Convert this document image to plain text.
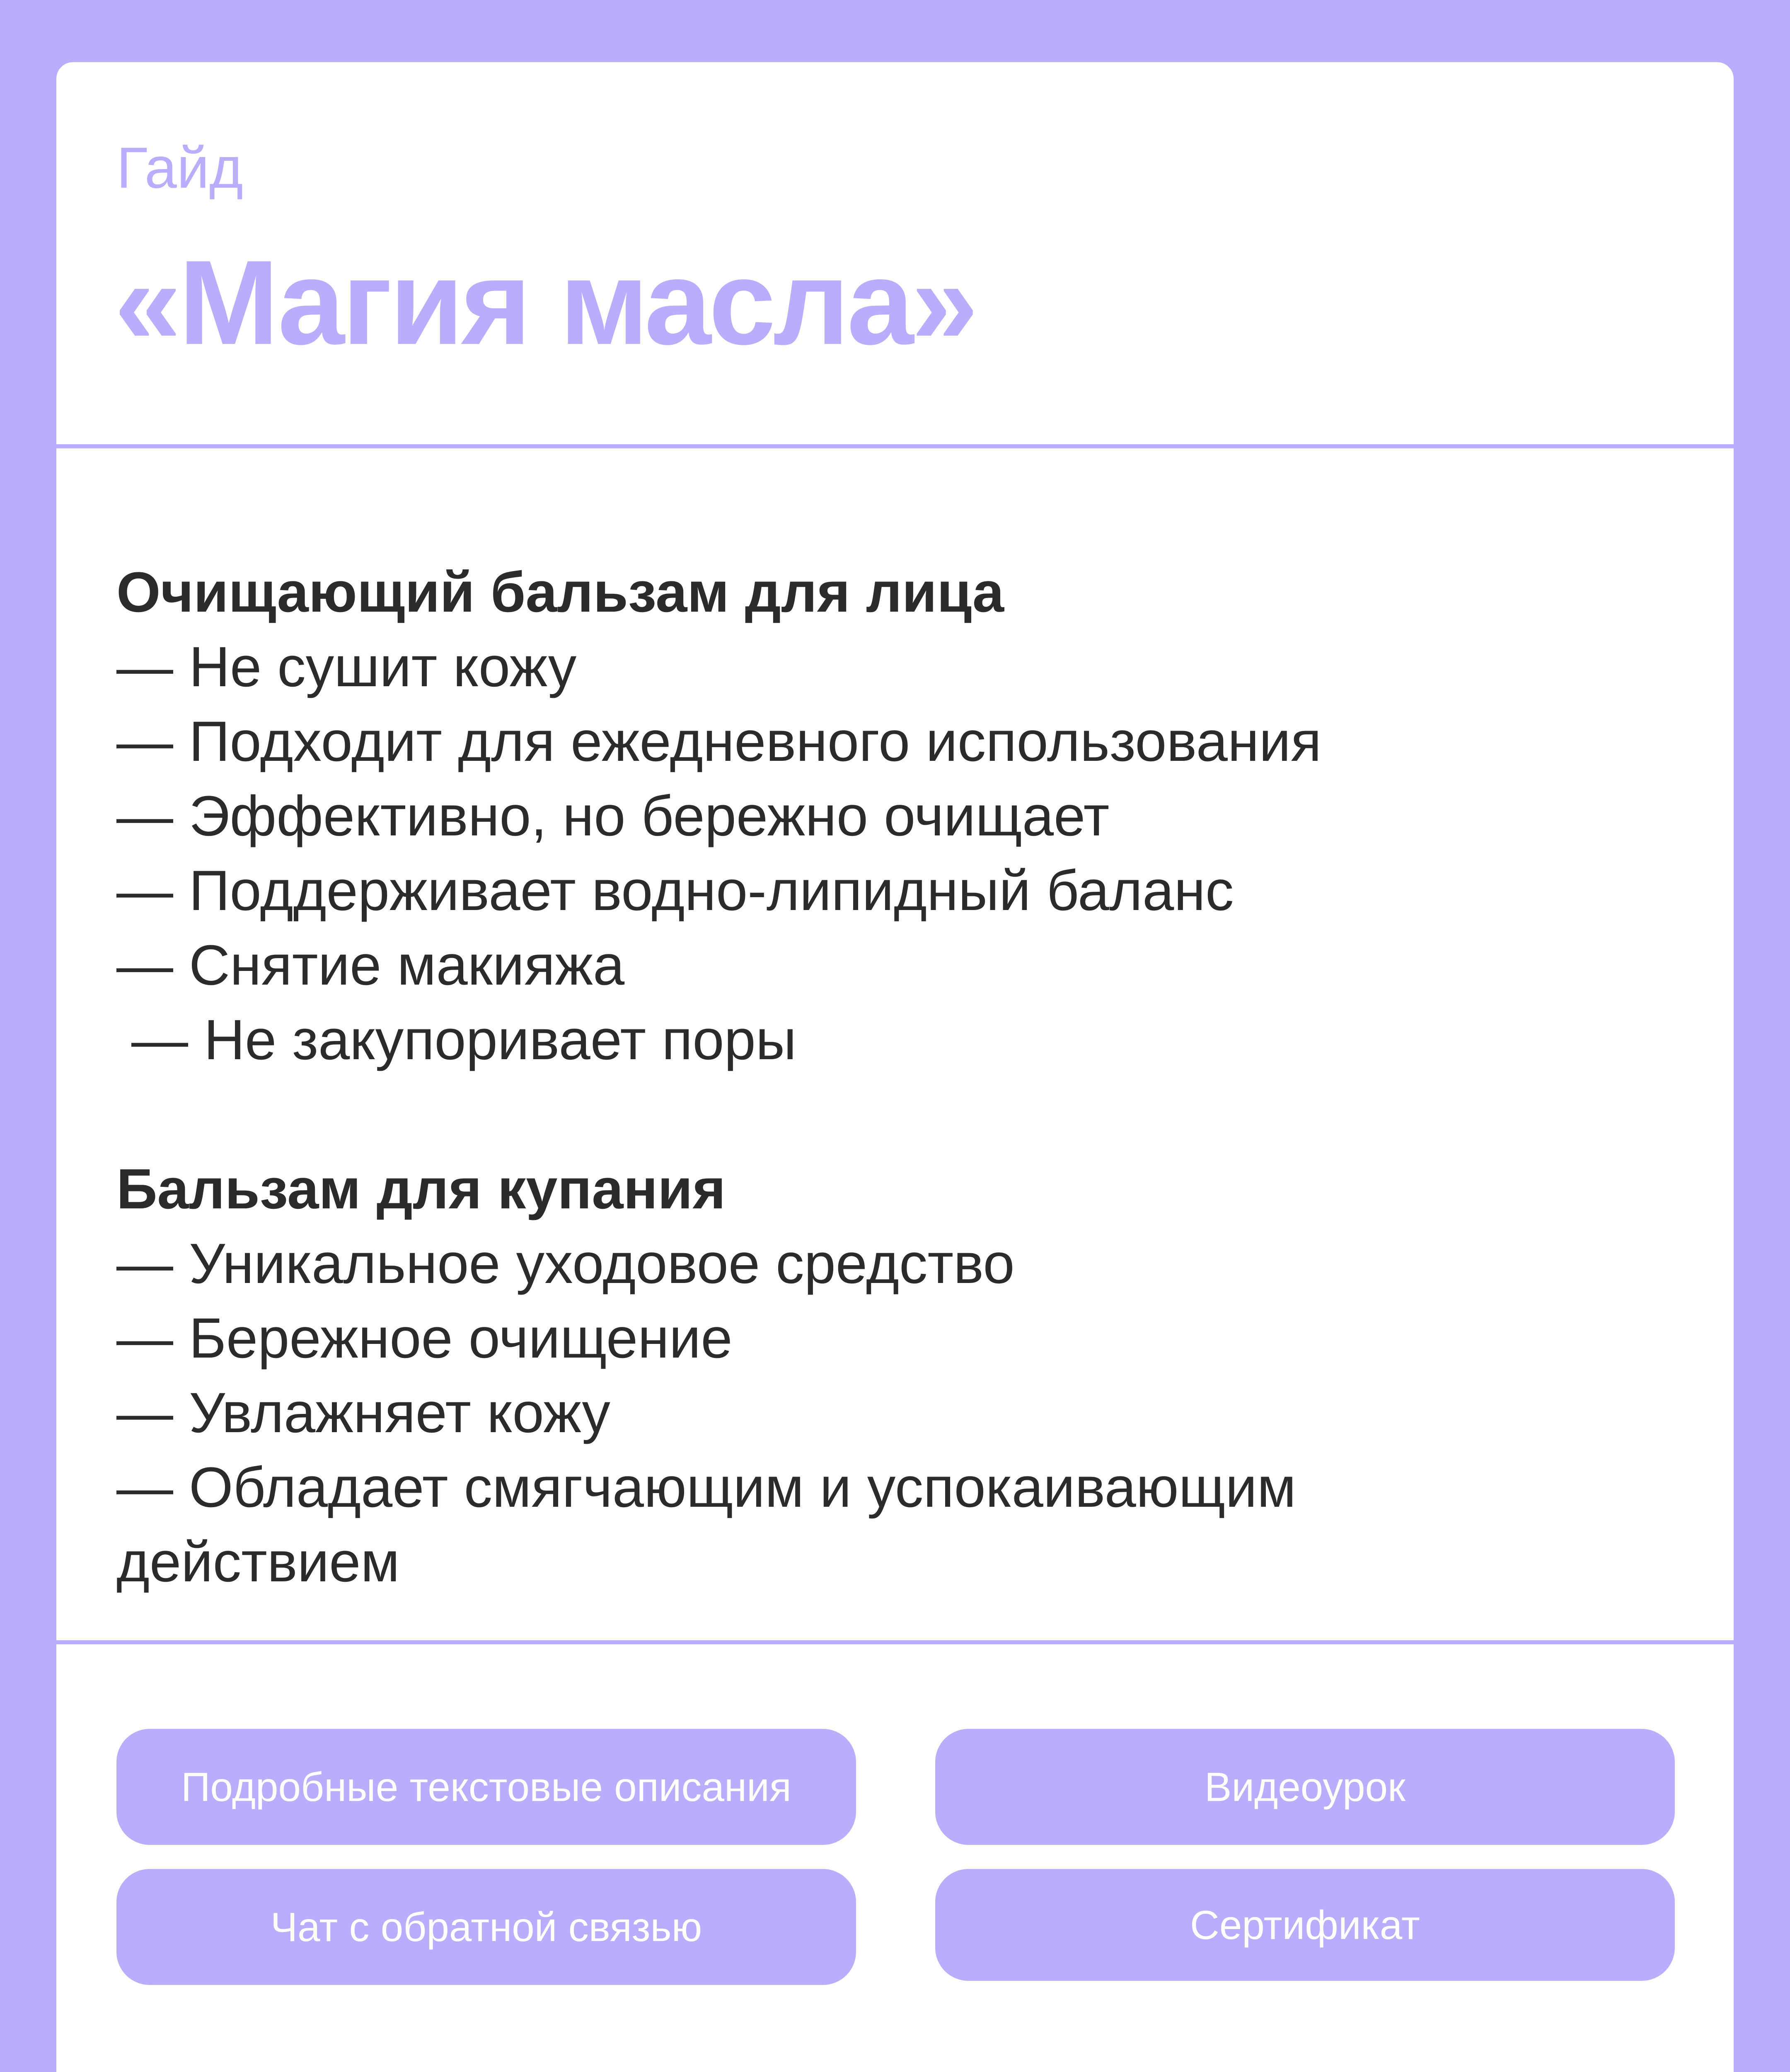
Гайд
«Магия масла»
Очищающий бальзам для лица
— Не сушит кожу
— Подходит для ежедневного использования
— Эффективно, но бережно очищает
— Поддерживает водно-липидный баланс
— Снятие макияжа
— Не закупоривает поры
Бальзам для купания
— Уникальное уходовое средство
— Бережное очищение
— Увлажняет кожу
— Обладает смягчающим и успокаивающим действием
Подробные текстовые описания	Видеоурок
Чат с обратной связью	Сертификат
